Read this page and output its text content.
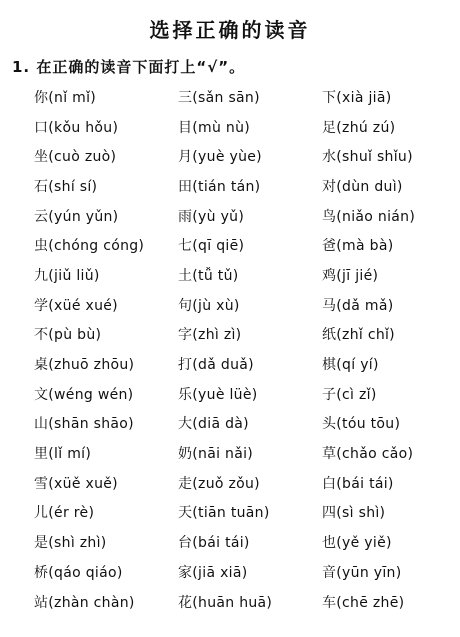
选择正确的读音
1. 在正确的读音下面打上“√”。
你(nǐ mǐ)	三(sǎn sān)	下(xià jiā)
口(kǒu hǒu)	目(mù nù)	足(zhú zú)
坐(cuò zuò)	月(yuè yùe)	水(shuǐ shǐu)
石(shí sí)	田(tián tán)	对(dùn duì)
云(yún yǔn)	雨(yù yǔ)	鸟(niǎo nián)
虫(chóng cóng)	七(qī qiē)	爸(mà bà)
九(jiǔ liǔ)	土(tǚ tǔ)	鸡(jī jié)
学(xüé xué)	句(jù xù)	马(dǎ mǎ)
不(pù bù)	字(zhì zì)	纸(zhǐ chǐ)
桌(zhuō zhōu)	打(dǎ duǎ)	棋(qí yí)
文(wéng wén)	乐(yuè lüè)	子(cì zǐ)
山(shān shāo)	大(diā dà)	头(tóu tōu)
里(lǐ mí)	奶(nāi nǎi)	草(chǎo cǎo)
雪(xüě xuě)	走(zuǒ zǒu)	白(bái tái)
儿(ér rè)	天(tiān tuān)	四(sì shì)
是(shì zhì)	台(bái tái)	也(yě yiě)
桥(qáo qiáo)	家(jiā xiā)	音(yūn yīn)
站(zhàn chàn)	花(huān huā)	车(chē zhē)
